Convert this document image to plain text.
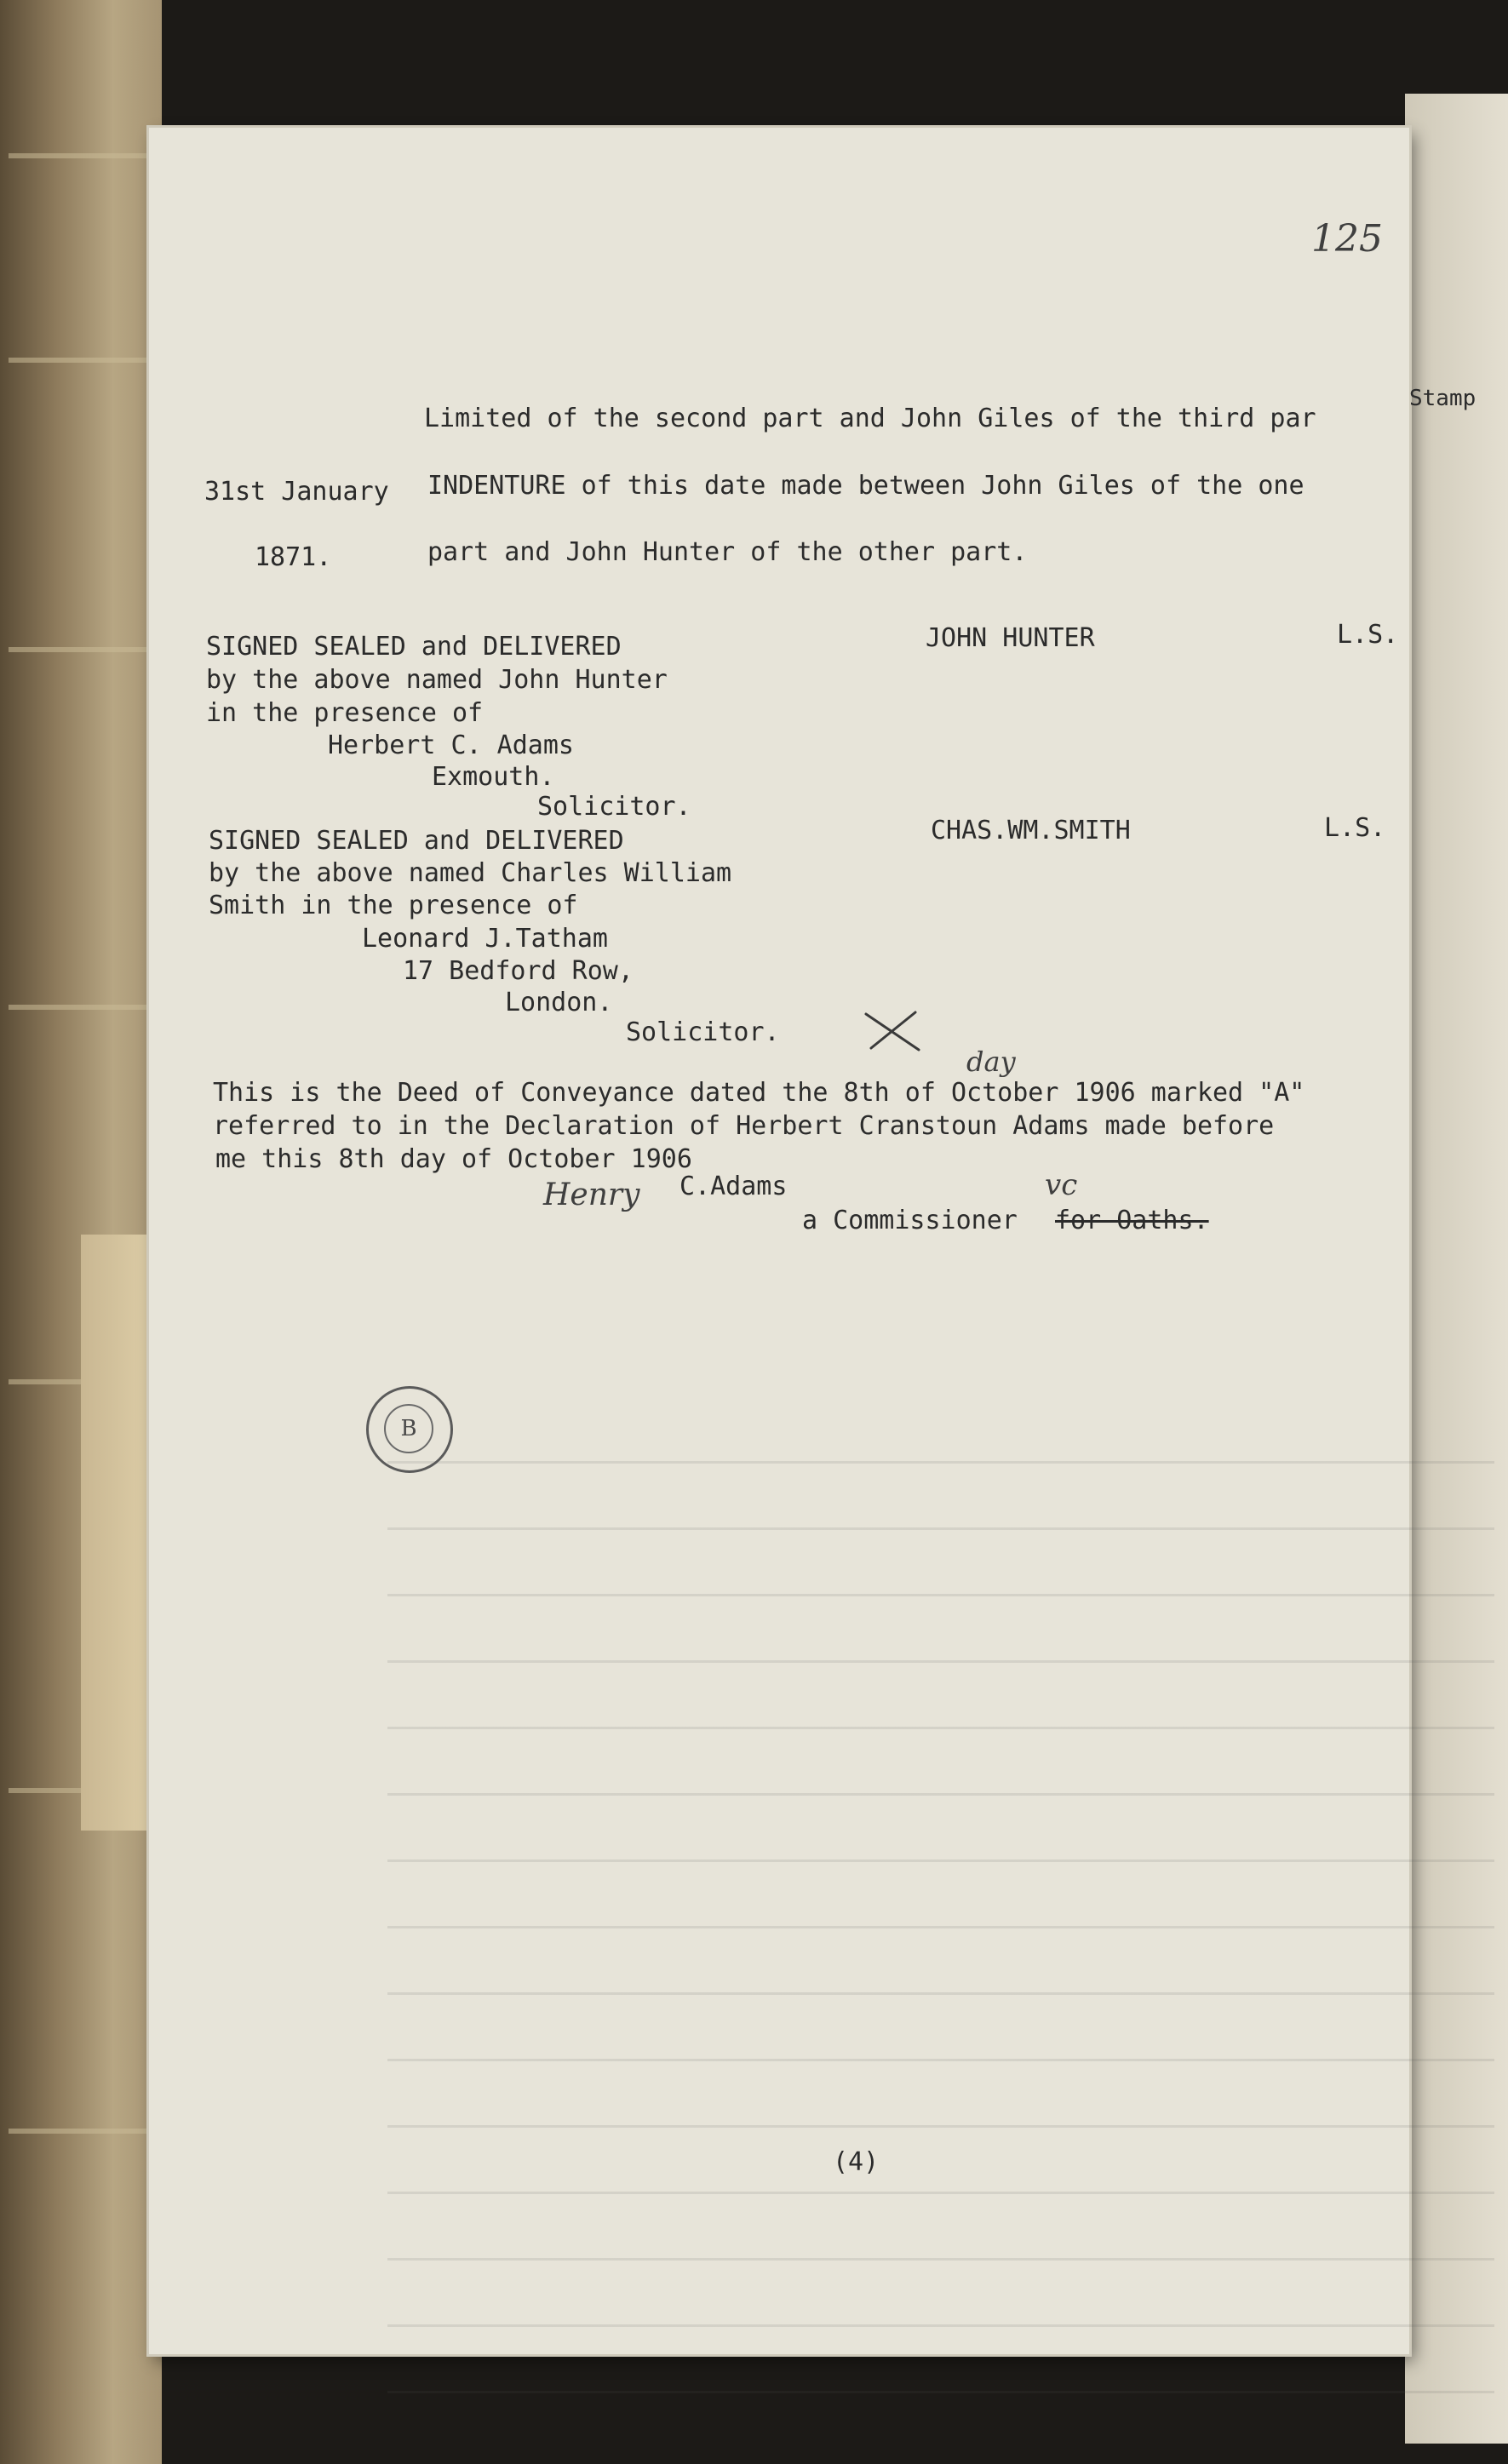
125
Stamp
Limited of the second part and John Giles of the third par
31st January INDENTURE of this date made between John Giles of the one
1871.	part and John Hunter of the other part.
SIGNED SEALED and DELIVERED
by the above named John Hunter
in the presence of
Herbert C. Adams
Exmouth.
Solicitor.
JOHN HUNTER	L.S.
SIGNED SEALED and DELIVERED
by the above named Charles William
Smith in the presence of
Leonard J.Tatham
17 Bedford Row,
London.
Solicitor.
CHAS.WM.SMITH	L.S.
day
This is the Deed of Conveyance dated the 8th of October 1906 marked "A"
referred to in the Declaration of Herbert Cranstoun Adams made before
me this 8th day of October 1906
Henry C.Adams
a Commissioner
vc
for Oaths.
B
(4)
